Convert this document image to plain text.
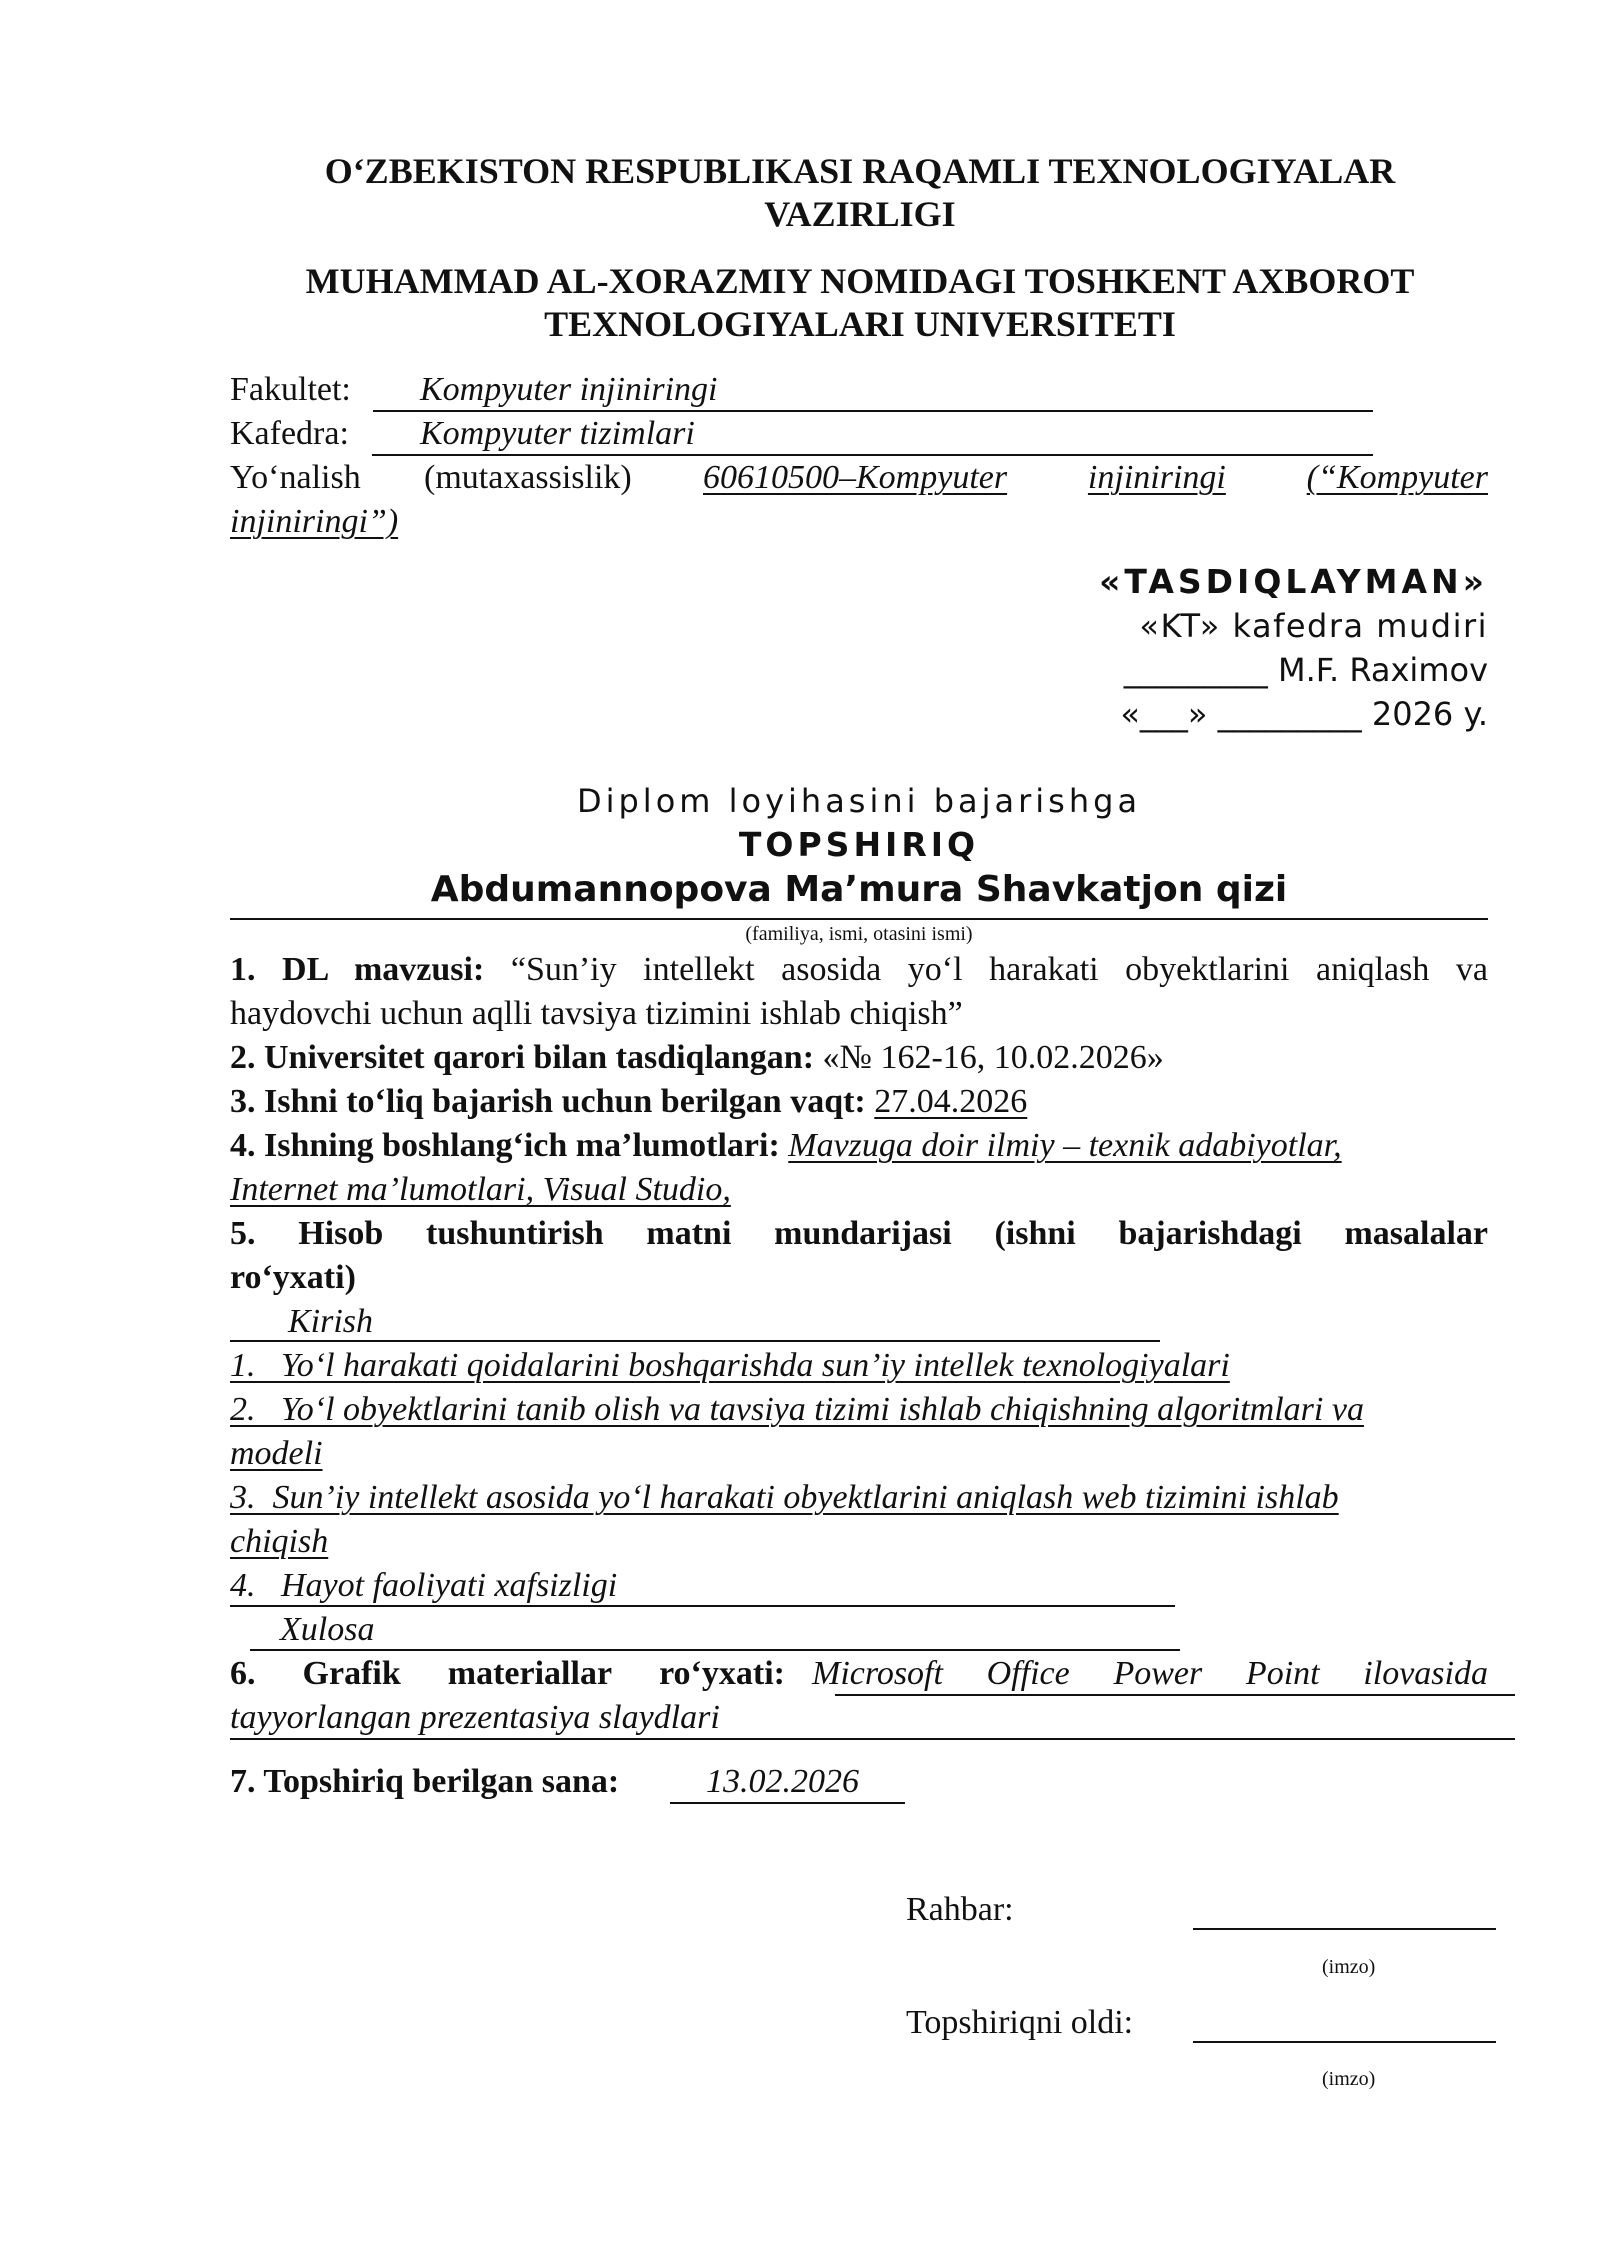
O‘ZBEKISTON RESPUBLIKASI RAQAMLI TEXNOLOGIYALAR
VAZIRLIGI
MUHAMMAD AL-XORAZMIY NOMIDAGI TOSHKENT AXBOROT
TEXNOLOGIYALARI UNIVERSITETI
Fakultet: Kompyuter injiniringi
Kafedra: Kompyuter tizimlari
Yo‘nalish (mutaxassislik) 60610500–Kompyuter injiniringi (“Kompyuter
injiniringi”)
«TASDIQLAYMAN»
«KT» kafedra mudiri
_________ M.F. Raximov
«___» _________ 2026 y.
Diplom loyihasini bajarishga
TOPSHIRIQ
Abdumannopova Ma’mura Shavkatjon qizi
(familiya, ismi, otasini ismi)
1. DL mavzusi: “Sun’iy intellekt asosida yo‘l harakati obyektlarini aniqlash va
haydovchi uchun aqlli tavsiya tizimini ishlab chiqish”
2. Universitet qarori bilan tasdiqlangan: «№ 162-16, 10.02.2026»
3. Ishni to‘liq bajarish uchun berilgan vaqt: 27.04.2026
4. Ishning boshlang‘ich ma’lumotlari: Mavzuga doir ilmiy – texnik adabiyotlar,
Internet ma’lumotlari, Visual Studio,
5. Hisob tushuntirish matni mundarijasi (ishni bajarishdagi masalalar
ro‘yxati)
Kirish
1.   Yo‘l harakati qoidalarini boshqarishda sun’iy intellek texnologiyalari
2.   Yo‘l obyektlarini tanib olish va tavsiya tizimi ishlab chiqishning algoritmlari va
modeli
3.  Sun’iy intellekt asosida yo‘l harakati obyektlarini aniqlash web tizimini ishlab
chiqish
4.   Hayot faoliyati xafsizligi
Xulosa
6. Grafik materiallar ro‘yxati: Microsoft Office Power Point ilovasida
tayyorlangan prezentasiya slaydlari
7. Topshiriq berilgan sana:	13.02.2026
Rahbar:
(imzo)
Topshiriqni oldi:
(imzo)
